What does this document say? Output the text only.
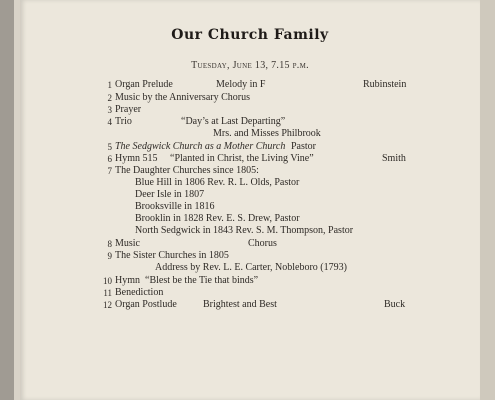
Our Church Family
Tuesday, June 13, 7.15 p.m.
1 Organ Prelude	Melody in F	Rubinstein
2 Music by the Anniversary Chorus
3 Prayer
4 Trio	“Day’s at Last Departing”
Mrs. and Misses Philbrook
5 The Sedgwick Church as a Mother Church Pastor
6 Hymn 515 “Planted in Christ, the Living Vine”	Smith
7 The Daughter Churches since 1805:
Blue Hill in 1806 Rev. R. L. Olds, Pastor
Deer Isle in 1807
Brooksville in 1816
Brooklin in 1828 Rev. E. S. Drew, Pastor
North Sedgwick in 1843 Rev. S. M. Thompson, Pastor
8 Music	Chorus
9 The Sister Churches in 1805
Address by Rev. L. E. Carter, Nobleboro (1793)
10 Hymn “Blest be the Tie that binds”
11 Benediction
12 Organ Postlude	Brightest and Best	Buck
